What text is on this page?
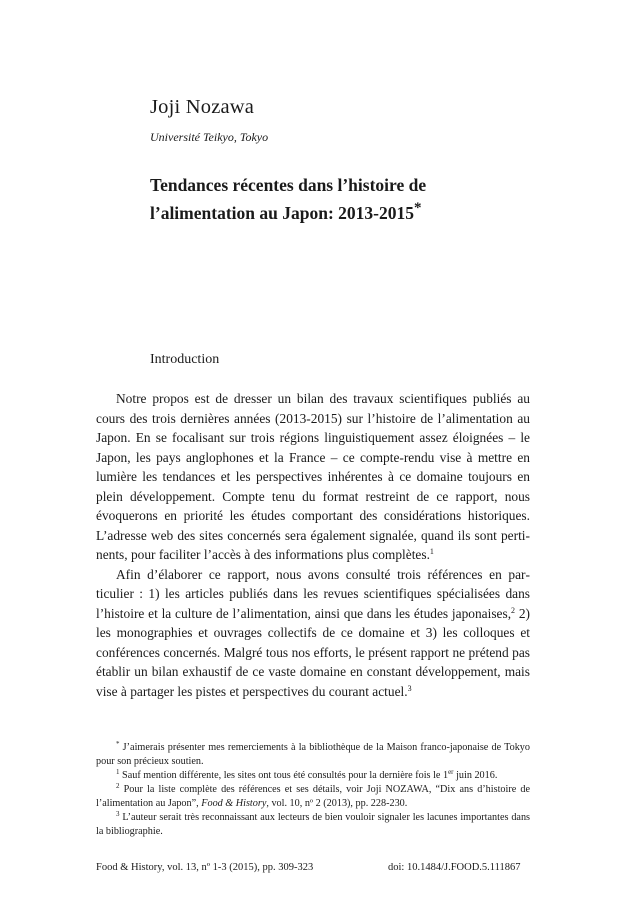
Joji Nozawa
Université Teikyo, Tokyo
Tendances récentes dans l’histoire de l’alimentation au Japon: 2013-2015*
Introduction

Notre propos est de dresser un bilan des travaux scientifiques publiés au cours des trois dernières années (2013-2015) sur l’histoire de l’alimentation au Japon. En se focalisant sur trois régions linguistiquement assez éloignées – le Japon, les pays anglophones et la France – ce compte-rendu vise à mettre en lumière les tendances et les perspectives inhérentes à ce domaine toujours en plein développement. Compte tenu du format restreint de ce rapport, nous évoquerons en priorité les études comportant des considérations historiques. L’adresse web des sites concernés sera également signalée, quand ils sont pertinents, pour faciliter l’accès à des informations plus complètes.$^1$

Afin d’élaborer ce rapport, nous avons consulté trois références en particulier : 1) les articles publiés dans les revues scientifiques spécialisées dans l’histoire et la culture de l’alimentation, ainsi que dans les études japonaises,$^2$ 2) les monographies et ouvrages collectifs de ce domaine et 3) les colloques et conférences concernés. Malgré tous nos efforts, le présent rapport ne prétend pas établir un bilan exhaustif de ce vaste domaine en constant développement, mais vise à partager les pistes et perspectives du courant actuel.$^3$

* J’aimerais présenter mes remerciements à la bibliothèque de la Maison franco-japonaise de Tokyo pour son précieux soutien.

$^1$ Sauf mention différente, les sites ont tous été consultés pour la dernière fois le 1er juin 2016.

$^2$ Pour la liste complète des références et ses détails, voir Joji NOZAWA, “Dix ans d’histoire de l’alimentation au Japon”, Food & History, vol. 10, nº 2 (2013), pp. 228-230.

$^3$ L’auteur serait très reconnaissant aux lecteurs de bien vouloir signaler les lacunes importantes dans la bibliographie.

Food & History, vol. 13, nº 1-3 (2015), pp. 309-323	doi: 10.1484/J.FOOD.5.111867
